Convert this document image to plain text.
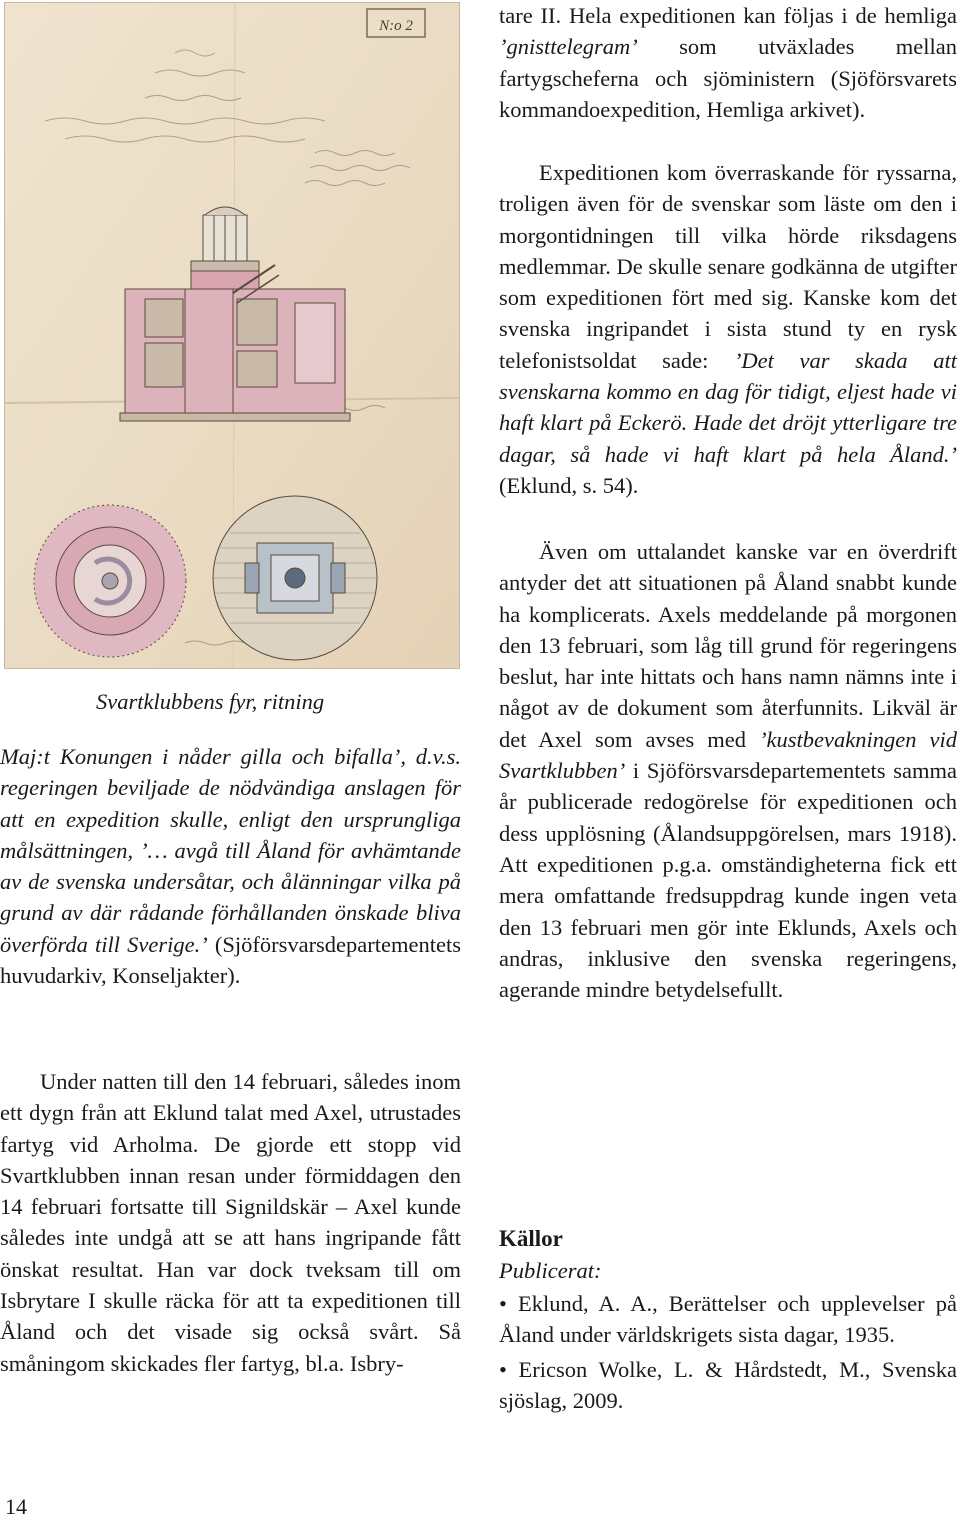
N:o 2

Svartklubbens fyr, ritning

Maj:t Konungen i nåder gilla och bifalla’, d.v.s. regeringen beviljade de nödvändiga anslagen för att en expedition skulle, enligt den ursprungliga målsättningen, ’… avgå till Åland för avhämtande av de svenska undersåtar, och ålänningar vilka på grund av där rådande förhållanden önskade bliva överförda till Sverige.’ (Sjöförsvarsdepartementets huvudarkiv, Konseljakter).

Under natten till den 14 februari, således inom ett dygn från att Eklund talat med Axel, utrustades fartyg vid Arholma. De gjorde ett stopp vid Svartklubben innan resan under förmiddagen den 14 februari fortsatte till Signildskär – Axel kunde således inte undgå att se att hans ingripande fått önskat resultat. Han var dock tveksam till om Isbrytare I skulle räcka för att ta expeditionen till Åland och det visade sig också svårt. Så småningom skickades fler fartyg, bl.a. Isbry-

tare II. Hela expeditionen kan följas i de hemliga ’gnisttelegram’ som utväxlades mellan fartygscheferna och sjöministern (Sjöförsvarets kommandoexpedition, Hemliga arkivet).

Expeditionen kom överraskande för ryssarna, troligen även för de svenskar som läste om den i morgontidningen till vilka hörde riksdagens medlemmar. De skulle senare godkänna de utgifter som expeditionen fört med sig. Kanske kom det svenska ingripandet i sista stund ty en rysk telefonistsoldat sade: ’Det var skada att svenskarna kommo en dag för tidigt, eljest hade vi haft klart på Eckerö. Hade det dröjt ytterligare tre dagar, så hade vi haft klart på hela Åland.’ (Eklund, s. 54).

Även om uttalandet kanske var en överdrift antyder det att situationen på Åland snabbt kunde ha komplicerats. Axels meddelande på morgonen den 13 februari, som låg till grund för regeringens beslut, har inte hittats och hans namn nämns inte i något av de dokument som återfunnits. Likväl är det Axel som avses med ’kustbevakningen vid Svartklubben’ i Sjöförsvarsdepartementets samma år publicerade redogörelse för expeditionen och dess upplösning (Ålandsuppgörelsen, mars 1918). Att expeditionen p.g.a. omständigheterna fick ett mera omfattande fredsuppdrag kunde ingen veta den 13 februari men gör inte Eklunds, Axels och andras, inklusive den svenska regeringens, agerande mindre betydelsefullt.

Källor

Publicerat:

• Eklund, A. A., Berättelser och upplevelser på Åland under världskrigets sista dagar, 1935.
• Ericson Wolke, L. & Hårdstedt, M., Svenska sjöslag, 2009.

14
